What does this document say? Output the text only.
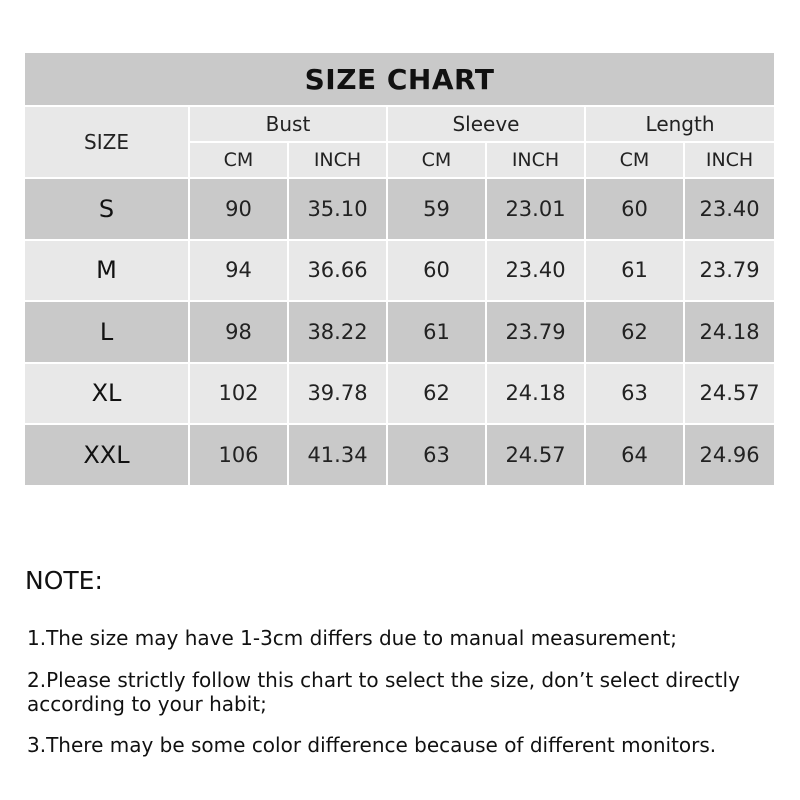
SIZE CHART						
SIZE	Bust		Sleeve		Length	
	CM	INCH	CM	INCH	CM	INCH
S	90	35.10	59	23.01	60	23.40
M	94	36.66	60	23.40	61	23.79
L	98	38.22	61	23.79	62	24.18
XL	102	39.78	62	24.18	63	24.57
XXL	106	41.34	63	24.57	64	24.96

NOTE:

1.The size may have 1-3cm differs due to manual measurement;

2.Please strictly follow this chart to select the size, don’t select directly according to your habit;

3.There may be some color difference because of different monitors.
